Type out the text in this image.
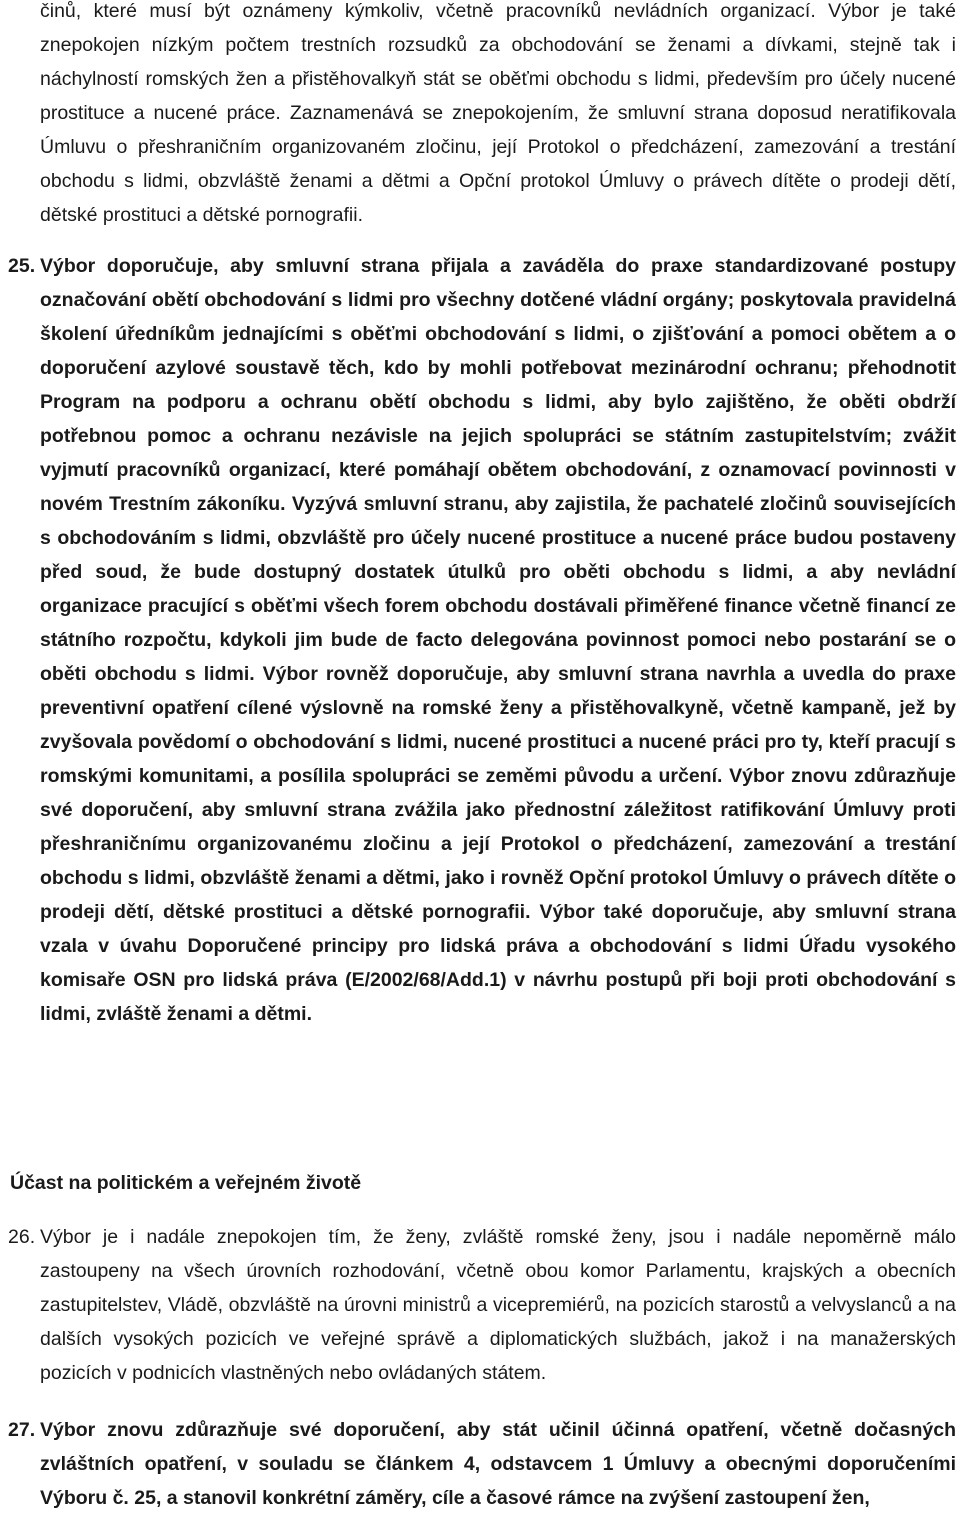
činů, které musí být oznámeny kýmkoliv, včetně pracovníků nevládních organizací. Výbor je také znepokojen nízkým počtem trestních rozsudků za obchodování se ženami a dívkami, stejně tak i náchylností romských žen a přistěhovalkyň stát se oběťmi obchodu s lidmi, především pro účely nucené prostituce a nucené práce. Zaznamenává se znepokojením, že smluvní strana doposud neratifikovala Úmluvu o přeshraničním organizovaném zločinu, její Protokol o předcházení, zamezování a trestání obchodu s lidmi, obzvláště ženami a dětmi a Opční protokol Úmluvy o právech dítěte o prodeji dětí, dětské prostituci a dětské pornografii.

25. Výbor doporučuje, aby smluvní strana přijala a zaváděla do praxe standardizované postupy označování obětí obchodování s lidmi pro všechny dotčené vládní orgány; poskytovala pravidelná školení úředníkům jednajícími s oběťmi obchodování s lidmi, o zjišťování a pomoci obětem a o doporučení azylové soustavě těch, kdo by mohli potřebovat mezinárodní ochranu; přehodnotit Program na podporu a ochranu obětí obchodu s lidmi, aby bylo zajištěno, že oběti obdrží potřebnou pomoc a ochranu nezávisle na jejich spolupráci se státním zastupitelstvím; zvážit vyjmutí pracovníků organizací, které pomáhají obětem obchodování, z oznamovací povinnosti v novém Trestním zákoníku. Vyzývá smluvní stranu, aby zajistila, že pachatelé zločinů souvisejících s obchodováním s lidmi, obzvláště pro účely nucené prostituce a nucené práce budou postaveny před soud, že bude dostupný dostatek útulků pro oběti obchodu s lidmi, a aby nevládní organizace pracující s oběťmi všech forem obchodu dostávali přiměřené finance včetně financí ze státního rozpočtu, kdykoli jim bude de facto delegována povinnost pomoci nebo postarání se o oběti obchodu s lidmi. Výbor rovněž doporučuje, aby smluvní strana navrhla a uvedla do praxe preventivní opatření cílené výslovně na romské ženy a přistěhovalkyně, včetně kampaně, jež by zvyšovala povědomí o obchodování s lidmi, nucené prostituci a nucené práci pro ty, kteří pracují s romskými komunitami, a posílila spolupráci se zeměmi původu a určení. Výbor znovu zdůrazňuje své doporučení, aby smluvní strana zvážila jako přednostní záležitost ratifikování Úmluvy proti přeshraničnímu organizovanému zločinu a její Protokol o předcházení, zamezování a trestání obchodu s lidmi, obzvláště ženami a dětmi, jako i rovněž Opční protokol Úmluvy o právech dítěte o prodeji dětí, dětské prostituci a dětské pornografii. Výbor také doporučuje, aby smluvní strana vzala v úvahu Doporučené principy pro lidská práva a obchodování s lidmi Úřadu vysokého komisaře OSN pro lidská práva (E/2002/68/Add.1) v návrhu postupů při boji proti obchodování s lidmi, zvláště ženami a dětmi.
Účast na politickém a veřejném životě
26. Výbor je i nadále znepokojen tím, že ženy, zvláště romské ženy, jsou i nadále nepoměrně málo zastoupeny na všech úrovních rozhodování, včetně obou komor Parlamentu, krajských a obecních zastupitelstev, Vládě, obzvláště na úrovni ministrů a vicepremiérů, na pozicích starostů a velvyslanců a na dalších vysokých pozicích ve veřejné správě a diplomatických službách, jakož i na manažerských pozicích v podnicích vlastněných nebo ovládaných státem.
27. Výbor znovu zdůrazňuje své doporučení, aby stát učinil účinná opatření, včetně dočasných zvláštních opatření, v souladu se článkem 4, odstavcem 1 Úmluvy a obecnými doporučeními Výboru č. 25, a stanovil konkrétní záměry, cíle a časové rámce na zvýšení zastoupení žen,
